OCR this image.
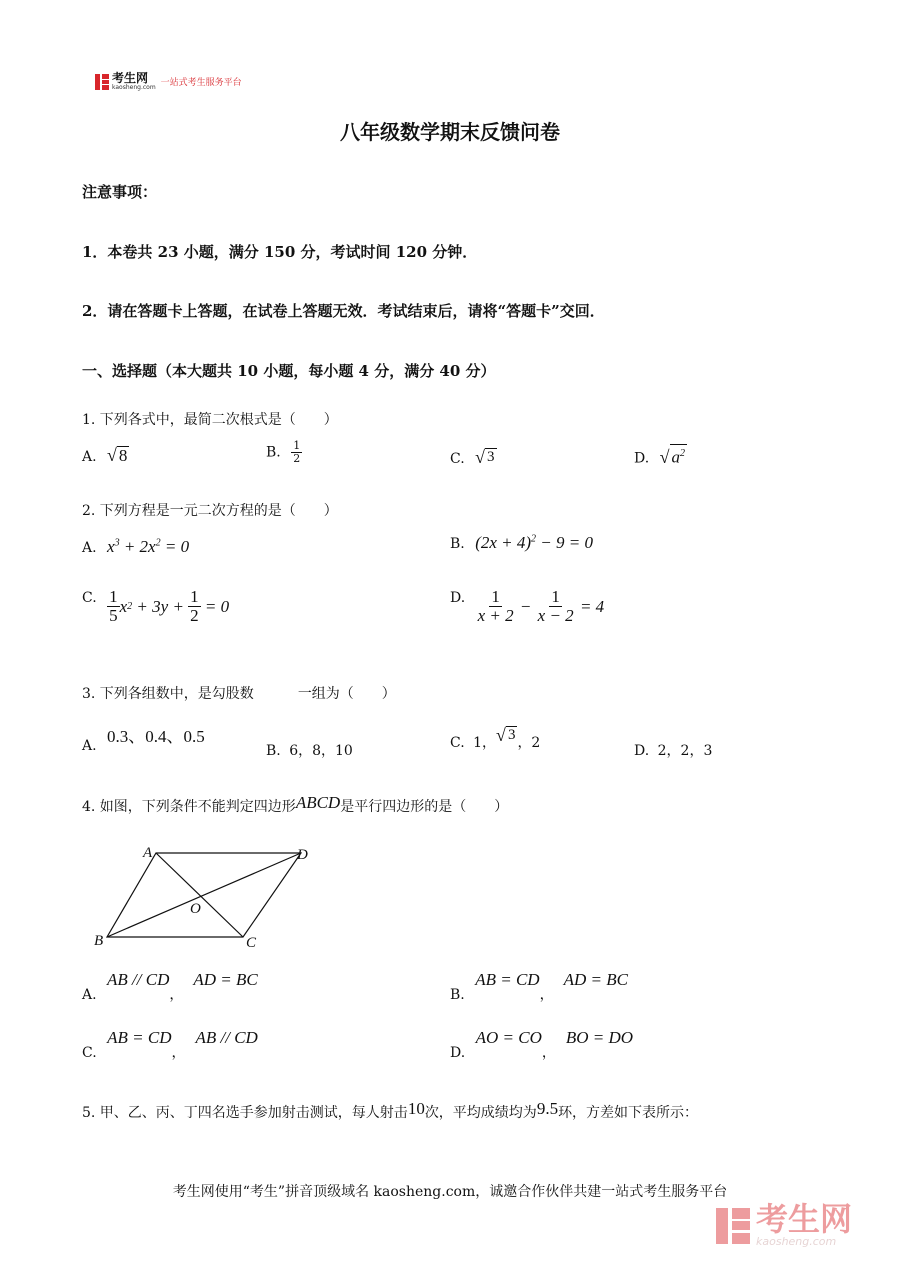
考生网
kaosheng.com 一站式考生服务平台
八年级数学期末反馈问卷
注意事项：
1．本卷共 23 小题，满分 150 分，考试时间 120 分钟．
2．请在答题卡上答题，在试卷上答题无效．考试结束后，请将“答题卡”交回．
一、选择题（本大题共 10 小题，每小题 4 分，满分 40 分）
1. 下列各式中，最简二次根式是（　　）
A. √ 8	B. $\frac{1}{2}$	C. √ 3	D. √ $a^2$
2. 下列方程是一元二次方程的是（　　）
A. $x^3 + 2x^2 = 0$	B. $(2x + 4)^2 - 9 = 0$
C. $\frac{1}{5}$ x $2 + 3y + \frac{1}{2} = 0$	D. $\frac{1}{x + 2} - \frac{1}{x - 2} = 4$
3. 下列各组数中，是勾股数	一组为（　　）
A. 0.3、0.4、0.5
B. 6，8，10	C. 1， √ 3 ，2	D. 2，2，3
4. 如图，下列条件不能判定四边形ABCD是平行四边形的是（　　）
A	D
O
B	C
A. AB // CD，AD = BC
B. AB = CD，AD = BC
C. AB = CD，AB // CD
D. AO = CO，BO = DO
5. 甲、乙、丙、丁四名选手参加射击测试，每人射击10次，平均成绩均为9.5环，方差如下表所示：
考生网使用“考生”拼音顶级域名 kaosheng.com，诚邀合作伙伴共建一站式考生服务平台
考生网
kaosheng.com
